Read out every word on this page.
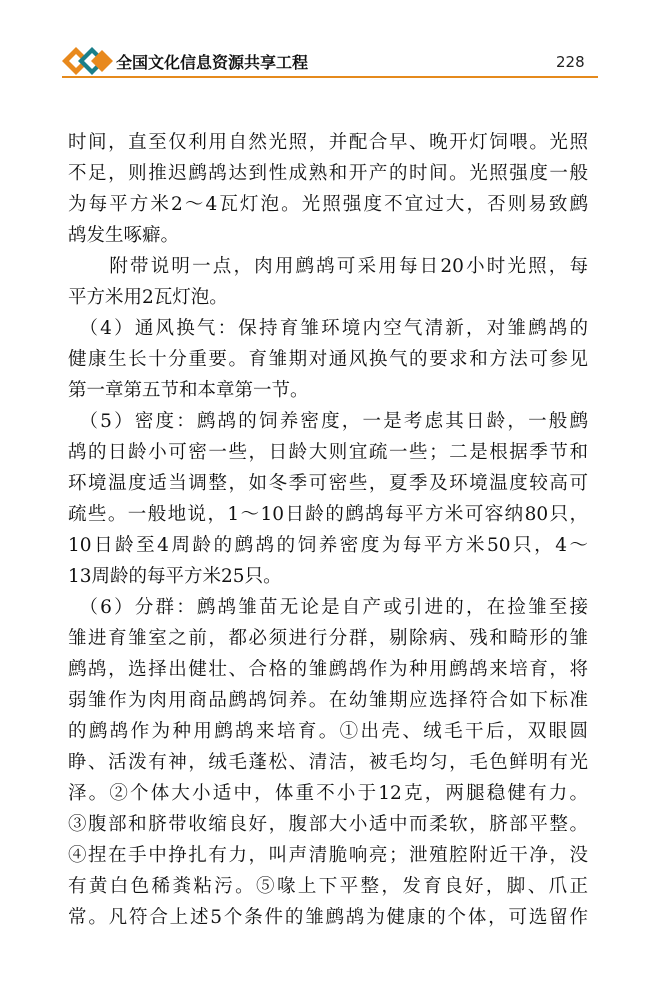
全国文化信息资源共享工程	228
时间，直至仅利用自然光照，并配合早、晚开灯饲喂。光照
不足，则推迟鹧鸪达到性成熟和开产的时间。光照强度一般
为每平方米2～4瓦灯泡。光照强度不宜过大，否则易致鹧
鸪发生啄癖。
　　附带说明一点，肉用鹧鸪可采用每日20小时光照，每
平方米用2瓦灯泡。
　（4）通风换气：保持育雏环境内空气清新，对雏鹧鸪的
健康生长十分重要。育雏期对通风换气的要求和方法可参见
第一章第五节和本章第一节。
　（5）密度：鹧鸪的饲养密度，一是考虑其日龄，一般鹧
鸪的日龄小可密一些，日龄大则宜疏一些；二是根据季节和
环境温度适当调整，如冬季可密些，夏季及环境温度较高可
疏些。一般地说，1～10日龄的鹧鸪每平方米可容纳80只，
10日龄至4周龄的鹧鸪的饲养密度为每平方米50只，4～
13周龄的每平方米25只。
　（6）分群：鹧鸪雏苗无论是自产或引进的，在捡雏至接
雏进育雏室之前，都必须进行分群，剔除病、残和畸形的雏
鹧鸪，选择出健壮、合格的雏鹧鸪作为种用鹧鸪来培育，将
弱雏作为肉用商品鹧鸪饲养。在幼雏期应选择符合如下标准
的鹧鸪作为种用鹧鸪来培育。①出壳、绒毛干后，双眼圆
睁、活泼有神，绒毛蓬松、清洁，被毛均匀，毛色鲜明有光
泽。②个体大小适中，体重不小于12克，两腿稳健有力。
③腹部和脐带收缩良好，腹部大小适中而柔软，脐部平整。
④捏在手中挣扎有力，叫声清脆响亮；泄殖腔附近干净，没
有黄白色稀粪粘污。⑤喙上下平整，发育良好，脚、爪正
常。凡符合上述5个条件的雏鹧鸪为健康的个体，可选留作
